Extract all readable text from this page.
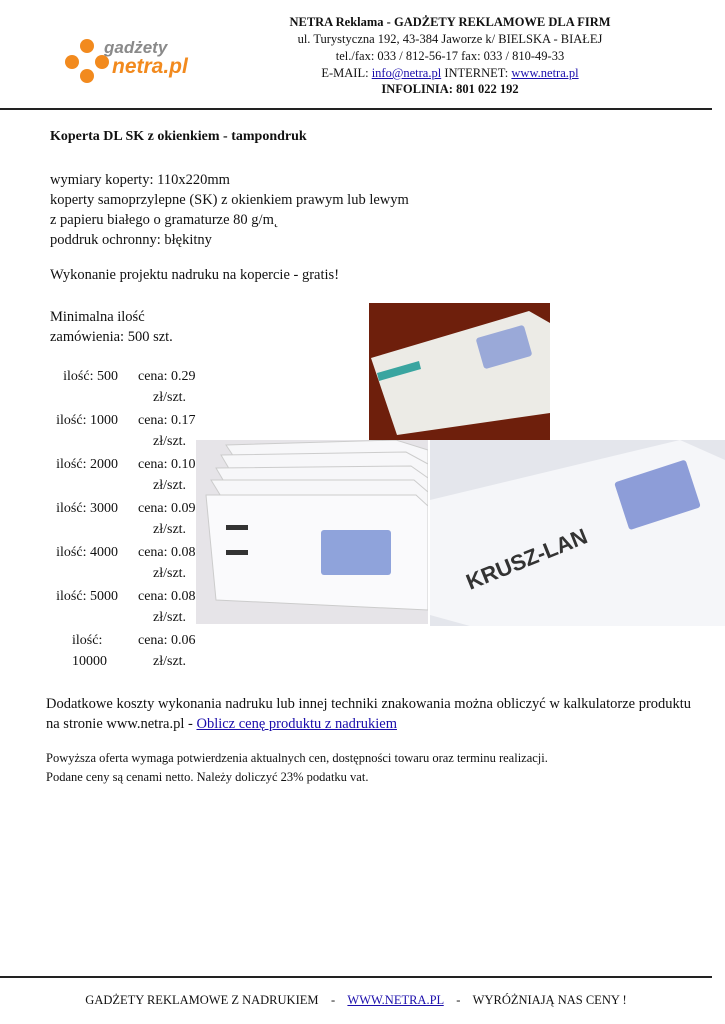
gadżety
netra.pl
NETRA Reklama - GADŻETY REKLAMOWE DLA FIRM
ul. Turystyczna 192, 43-384 Jaworze k/ BIELSKA - BIAŁEJ
tel./fax: 033 / 812-56-17 fax: 033 / 810-49-33
E-MAIL: info@netra.pl INTERNET: www.netra.pl
INFOLINIA: 801 022 192
Koperta DL SK z okienkiem - tampondruk
wymiary koperty: 110x220mm
koperty samoprzylepne (SK) z okienkiem prawym lub lewym
z papieru białego o gramaturze 80 g/m˛
poddruk ochronny: błękitny
Wykonanie projektu nadruku na kopercie - gratis!
Minimalna ilość
zamówienia: 500 szt.
ilość: 500 cena: 0.29
zł/szt.
ilość: 1000 cena: 0.17
zł/szt.
ilość: 2000 cena: 0.10
zł/szt.
ilość: 3000 cena: 0.09
zł/szt.
ilość: 4000 cena: 0.08
zł/szt.
ilość: 5000 cena: 0.08
zł/szt.
ilość:
10000
cena: 0.06
zł/szt.
KRUSZ-LAN
Dodatkowe koszty wykonania nadruku lub innej techniki znakowania można obliczyć w kalkulatorze produktu na stronie www.netra.pl - Oblicz cenę produktu z nadrukiem
Powyższa oferta wymaga potwierdzenia aktualnych cen, dostępności towaru oraz terminu realizacji.
Podane ceny są cenami netto. Należy doliczyć 23% podatku vat.
GADŻETY REKLAMOWE Z NADRUKIEM    -    WWW.NETRA.PL    -    WYRÓŻNIAJĄ NAS CENY !
